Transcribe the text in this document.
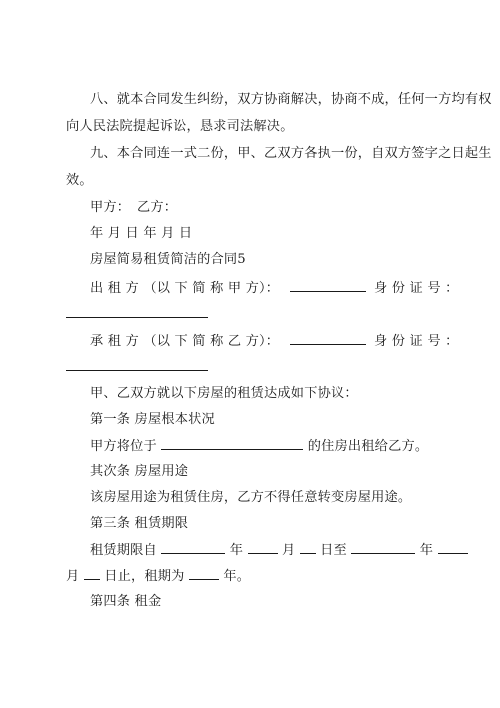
八、就本合同发生纠纷，双方协商解决，协商不成，任何一方均有权
向人民法院提起诉讼，恳求司法解决。
九、本合同连一式二份，甲、乙双方各执一份，自双方签字之日起生
效。
甲方：　乙方：
年 月 日 年 月 日
房屋简易租赁简洁的合同5
出 租 方 （以 下 简 称 甲 方）：	身 份 证 号 ：
承 租 方 （以 下 简 称 乙 方）：	身 份 证 号 ：
甲、乙双方就以下房屋的租赁达成如下协议：
第一条 房屋根本状况
甲方将位于	的住房出租给乙方。
其次条 房屋用途
该房屋用途为租赁住房，乙方不得任意转变房屋用途。
第三条 租赁期限
租赁期限自	年	月 日至	年
月 日止，租期为	年。
第四条 租金
